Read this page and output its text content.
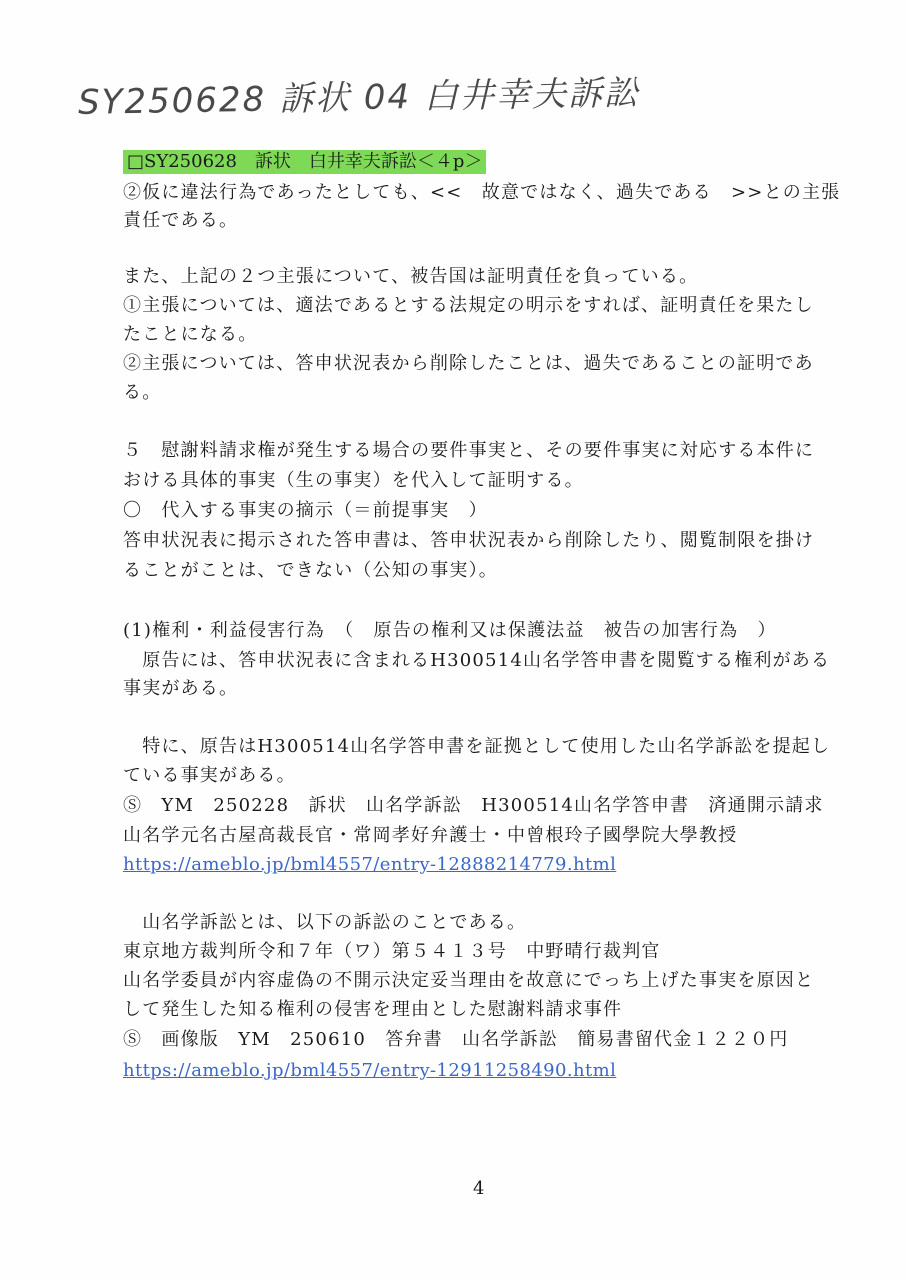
SY250628 訴状 04 白井幸夫訴訟
□SY250628　訴状　白井幸夫訴訟＜４p＞
②仮に違法行為であったとしても、<<　故意ではなく、過失である　>>との主張
責任である。
また、上記の２つ主張について、被告国は証明責任を負っている。
①主張については、適法であるとする法規定の明示をすれば、証明責任を果たし
たことになる。
②主張については、答申状況表から削除したことは、過失であることの証明であ
る。
５　慰謝料請求権が発生する場合の要件事実と、その要件事実に対応する本件に
おける具体的事実（生の事実）を代入して証明する。
〇　代入する事実の摘示（＝前提事実　）
答申状況表に掲示された答申書は、答申状況表から削除したり、閲覧制限を掛け
ることがことは、できない（公知の事実）。
(1)権利・利益侵害行為　（　原告の権利又は保護法益　被告の加害行為　）
　原告には、答申状況表に含まれるH300514山名学答申書を閲覧する権利がある
事実がある。
　特に、原告はH300514山名学答申書を証拠として使用した山名学訴訟を提起し
ている事実がある。
Ⓢ　YM　250228　訴状　山名学訴訟　H300514山名学答申書　済通開示請求
山名学元名古屋高裁長官・常岡孝好弁護士・中曾根玲子國學院大學教授
https://ameblo.jp/bml4557/entry-12888214779.html
　山名学訴訟とは、以下の訴訟のことである。
東京地方裁判所令和７年（ワ）第５４１３号　中野晴行裁判官
山名学委員が内容虚偽の不開示決定妥当理由を故意にでっち上げた事実を原因と
して発生した知る権利の侵害を理由とした慰謝料請求事件
Ⓢ　画像版　YM　250610　答弁書　山名学訴訟　簡易書留代金１２２０円
https://ameblo.jp/bml4557/entry-12911258490.html
4
